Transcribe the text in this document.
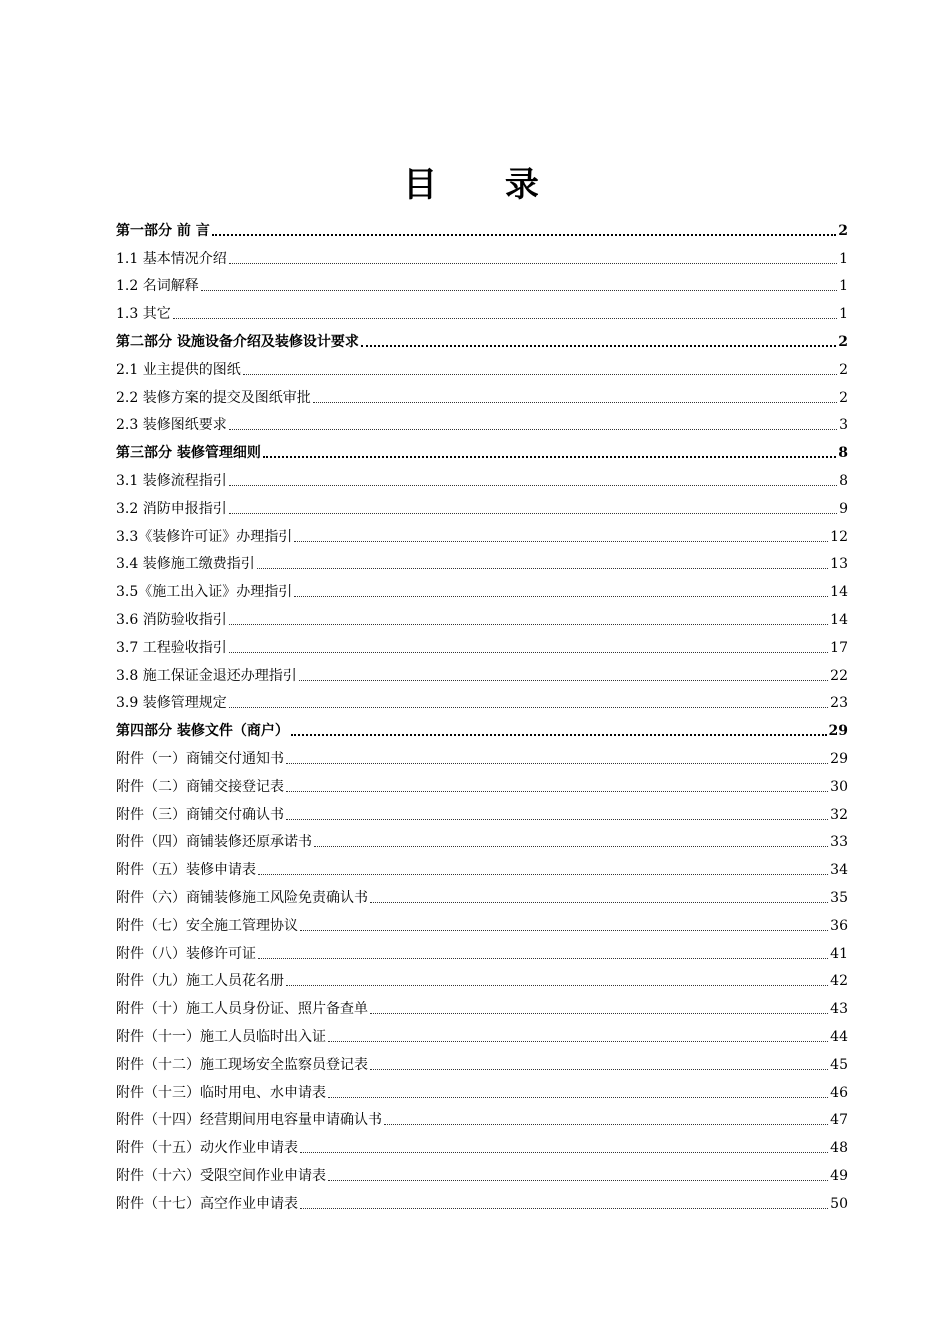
目 录
第一部分 前 言	2
1.1 基本情况介绍	1
1.2 名词解释	1
1.3 其它	1
第二部分 设施设备介绍及装修设计要求	2
2.1 业主提供的图纸	2
2.2 装修方案的提交及图纸审批	2
2.3 装修图纸要求	3
第三部分 装修管理细则	8
3.1 装修流程指引	8
3.2 消防申报指引	9
3.3《装修许可证》办理指引	12
3.4 装修施工缴费指引	13
3.5《施工出入证》办理指引	14
3.6 消防验收指引	14
3.7 工程验收指引	17
3.8 施工保证金退还办理指引	22
3.9 装修管理规定	23
第四部分 装修文件（商户）	29
附件（一）商铺交付通知书	29
附件（二）商铺交接登记表	30
附件（三）商铺交付确认书	32
附件（四）商铺装修还原承诺书	33
附件（五）装修申请表	34
附件（六）商铺装修施工风险免责确认书	35
附件（七）安全施工管理协议	36
附件（八）装修许可证	41
附件（九）施工人员花名册	42
附件（十）施工人员身份证、照片备查单	43
附件（十一）施工人员临时出入证	44
附件（十二）施工现场安全监察员登记表	45
附件（十三）临时用电、水申请表	46
附件（十四）经营期间用电容量申请确认书	47
附件（十五）动火作业申请表	48
附件（十六）受限空间作业申请表	49
附件（十七）高空作业申请表	50
